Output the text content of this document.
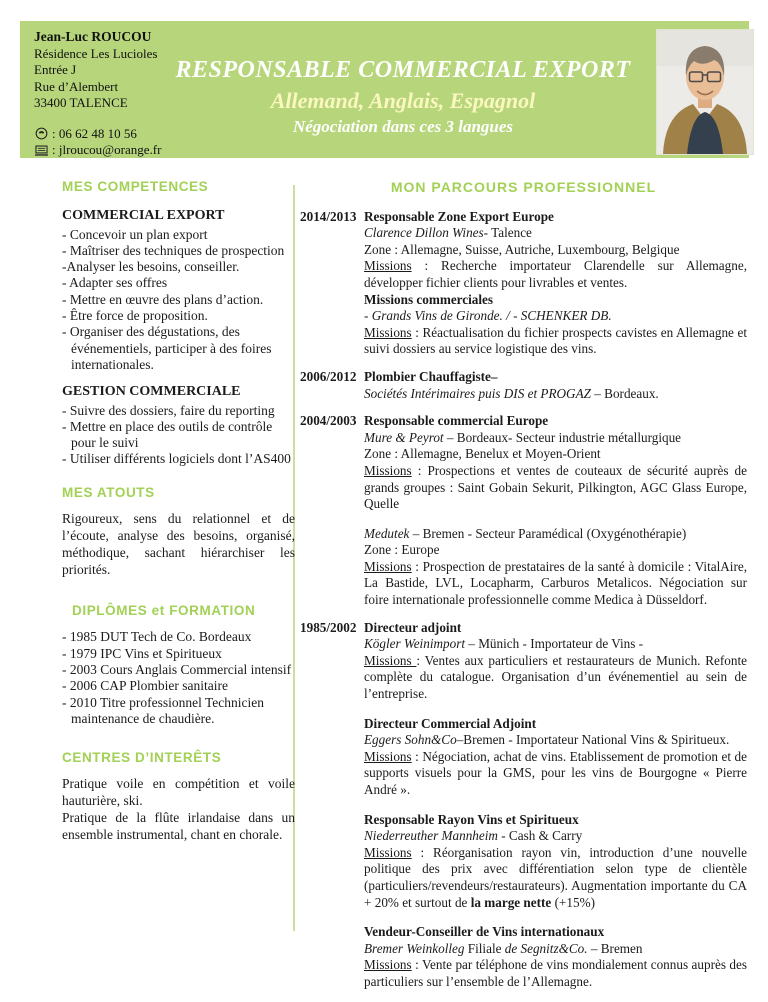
Jean-Luc ROUCOU
Résidence Les Lucioles
Entrée J
Rue d’Alembert
33400 TALENCE
: 06 62 48 10 56
: jlroucou@orange.fr
RESPONSABLE COMMERCIAL EXPORT
Allemand, Anglais, Espagnol
Négociation dans ces 3 langues
MES COMPETENCES
COMMERCIAL EXPORT
- Concevoir un plan export
- Maîtriser des techniques de prospection
-Analyser les besoins, conseiller.
- Adapter ses offres
- Mettre en œuvre des plans d’action.
- Être force de proposition.
- Organiser des dégustations, des événementiels, participer à des foires internationales.
GESTION COMMERCIALE
- Suivre des dossiers, faire du reporting
- Mettre en place des outils de contrôle pour le suivi
- Utiliser différents logiciels dont l’AS400
MES ATOUTS
Rigoureux, sens du relationnel et de l’écoute, analyse des besoins, organisé, méthodique, sachant hiérarchiser les priorités.
DIPLÔMES et FORMATION
- 1985 DUT Tech de Co. Bordeaux
- 1979 IPC Vins et Spiritueux
- 2003 Cours Anglais Commercial intensif
- 2006 CAP Plombier sanitaire
- 2010 Titre professionnel Technicien maintenance de chaudière.
CENTRES D’INTERÊTS

Pratique voile en compétition et voile hauturière, ski.

Pratique de la flûte irlandaise dans un ensemble instrumental, chant en chorale.

MON PARCOURS PROFESSIONNEL
2014/2013 Responsable Zone Export Europe
Clarence Dillon Wines- Talence
Zone : Allemagne, Suisse, Autriche, Luxembourg, Belgique
Missions : Recherche importateur Clarendelle sur Allemagne, développer fichier clients pour livrables et ventes.
Missions commerciales
- Grands Vins de Gironde. / - SCHENKER DB.
Missions : Réactualisation du fichier prospects cavistes en Allemagne et suivi dossiers au service logistique des vins.
2006/2012 Plombier Chauffagiste–
Sociétés Intérimaires puis DIS et PROGAZ – Bordeaux.
2004/2003 Responsable commercial Europe
Mure & Peyrot – Bordeaux- Secteur industrie métallurgique
Zone : Allemagne, Benelux et Moyen-Orient
Missions : Prospections et ventes de couteaux de sécurité auprès de grands groupes : Saint Gobain Sekurit, Pilkington, AGC Glass Europe, Quelle
Medutek – Bremen - Secteur Paramédical (Oxygénothérapie)
Zone : Europe
Missions : Prospection de prestataires de la santé à domicile : VitalAire, La Bastide, LVL, Locapharm, Carburos Metalicos. Négociation sur foire internationale professionnelle comme Medica à Düsseldorf.
1985/2002 Directeur adjoint
Kögler Weinimport – Münich - Importateur de Vins -
Missions : Ventes aux particuliers et restaurateurs de Munich. Refonte complète du catalogue. Organisation d’un événementiel au sein de l’entreprise.
Directeur Commercial Adjoint
Eggers Sohn&Co–Bremen - Importateur National Vins & Spiritueux.
Missions : Négociation, achat de vins. Etablissement de promotion et de supports visuels pour la GMS, pour les vins de Bourgogne « Pierre André ».
Responsable Rayon Vins et Spiritueux
Niederreuther Mannheim - Cash & Carry
Missions : Réorganisation rayon vin, introduction d’une nouvelle politique des prix avec différentiation selon type de clientèle (particuliers/revendeurs/restaurateurs). Augmentation importante du CA + 20% et surtout de la marge nette (+15%)
Vendeur-Conseiller de Vins internationaux
Bremer Weinkolleg Filiale de Segnitz&Co. – Bremen
Missions : Vente par téléphone de vins mondialement connus auprès des particuliers sur l’ensemble de l’Allemagne.
